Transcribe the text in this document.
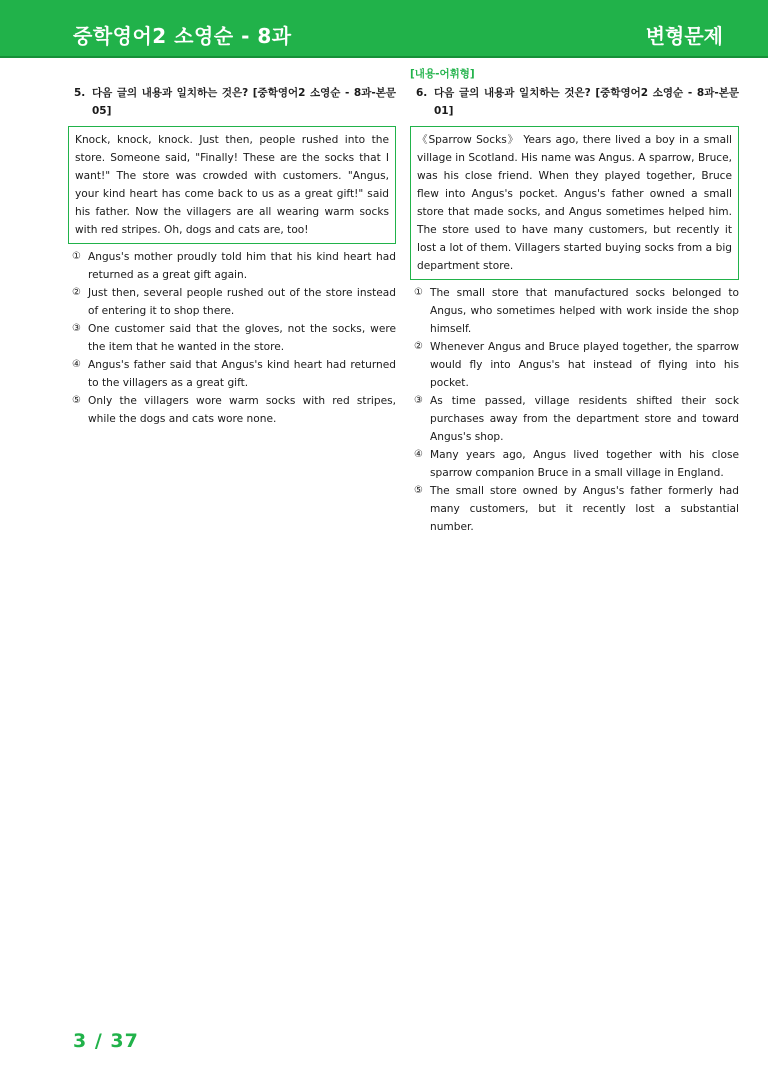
중학영어2 소영순 - 8과	변형문제
5. 다음 글의 내용과 일치하는 것은? [중학영어2 소영순 - 8과-본문 05]
Knock, knock, knock. Just then, people rushed into the store. Someone said, "Finally! These are the socks that I want!" The store was crowded with customers. "Angus, your kind heart has come back to us as a great gift!" said his father. Now the villagers are all wearing warm socks with red stripes. Oh, dogs and cats are, too!
① Angus's mother proudly told him that his kind heart had returned as a great gift again.
② Just then, several people rushed out of the store instead of entering it to shop there.
③ One customer said that the gloves, not the socks, were the item that he wanted in the store.
④ Angus's father said that Angus's kind heart had returned to the villagers as a great gift.
⑤ Only the villagers wore warm socks with red stripes, while the dogs and cats wore none.
[내용-어휘형]
6. 다음 글의 내용과 일치하는 것은? [중학영어2 소영순 - 8과-본문 01]
《Sparrow Socks》 Years ago, there lived a boy in a small village in Scotland. His name was Angus. A sparrow, Bruce, was his close friend. When they played together, Bruce flew into Angus's pocket. Angus's father owned a small store that made socks, and Angus sometimes helped him. The store used to have many customers, but recently it lost a lot of them. Villagers started buying socks from a big department store.
① The small store that manufactured socks belonged to Angus, who sometimes helped with work inside the shop himself.
② Whenever Angus and Bruce played together, the sparrow would fly into Angus's hat instead of flying into his pocket.
③ As time passed, village residents shifted their sock purchases away from the department store and toward Angus's shop.
④ Many years ago, Angus lived together with his close sparrow companion Bruce in a small village in England.
⑤ The small store owned by Angus's father formerly had many customers, but it recently lost a substantial number.
3 / 37
